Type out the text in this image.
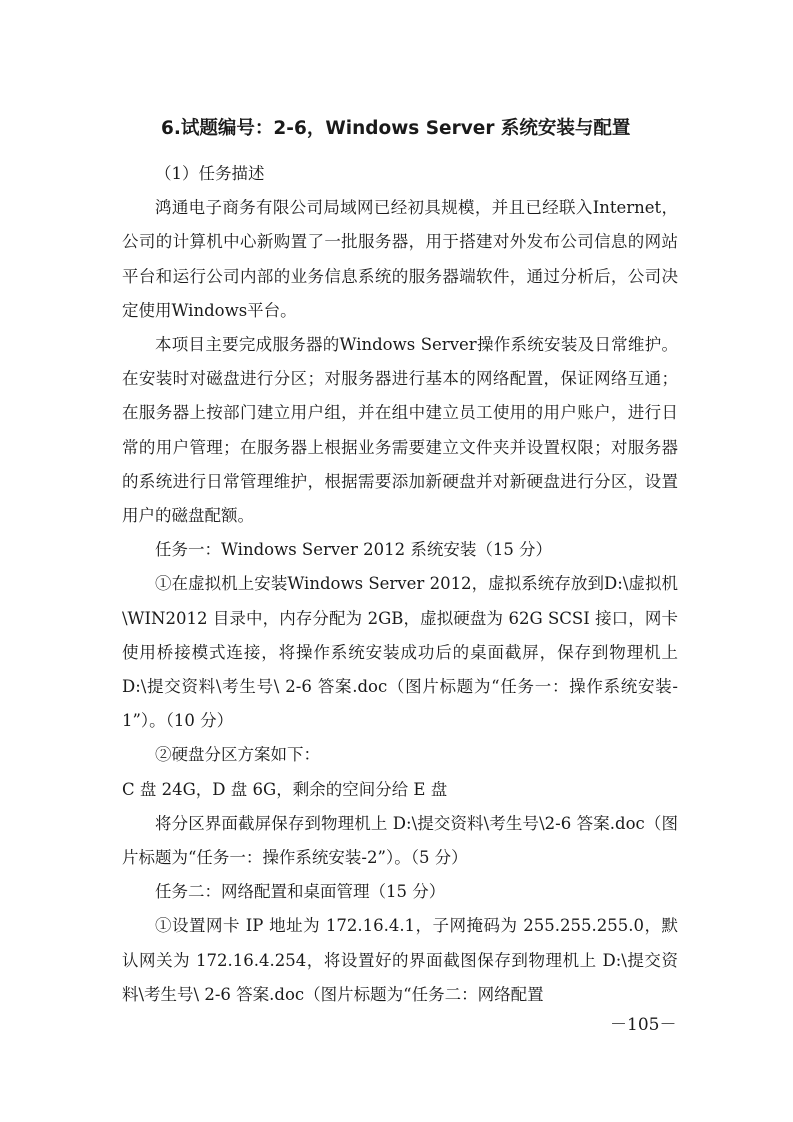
6.试题编号：2-6，Windows Server 系统安装与配置

（1）任务描述

鸿通电子商务有限公司局域网已经初具规模，并且已经联入Internet，公司的计算机中心新购置了一批服务器，用于搭建对外发布公司信息的网站平台和运行公司内部的业务信息系统的服务器端软件，通过分析后，公司决定使用Windows平台。

本项目主要完成服务器的Windows Server操作系统安装及日常维护。在安装时对磁盘进行分区；对服务器进行基本的网络配置，保证网络互通；在服务器上按部门建立用户组，并在组中建立员工使用的用户账户，进行日常的用户管理；在服务器上根据业务需要建立文件夹并设置权限；对服务器的系统进行日常管理维护，根据需要添加新硬盘并对新硬盘进行分区，设置用户的磁盘配额。

任务一：Windows Server 2012 系统安装（15 分）

①在虚拟机上安装Windows Server 2012，虚拟系统存放到D:\虚拟机\WIN2012 目录中，内存分配为 2GB，虚拟硬盘为 62G SCSI 接口，网卡使用桥接模式连接，将操作系统安装成功后的桌面截屏，保存到物理机上 D:\提交资料\考生号\ 2-6 答案.doc（图片标题为“任务一：操作系统安装-1”）。（10 分）

②硬盘分区方案如下：

C 盘 24G，D 盘 6G，剩余的空间分给 E 盘

将分区界面截屏保存到物理机上 D:\提交资料\考生号\2-6 答案.doc（图片标题为“任务一：操作系统安装-2”）。（5 分）

任务二：网络配置和桌面管理（15 分）

①设置网卡 IP 地址为 172.16.4.1，子网掩码为 255.255.255.0，默认网关为 172.16.4.254，将设置好的界面截图保存到物理机上 D:\提交资料\考生号\ 2-6 答案.doc（图片标题为“任务二：网络配置

－105－
